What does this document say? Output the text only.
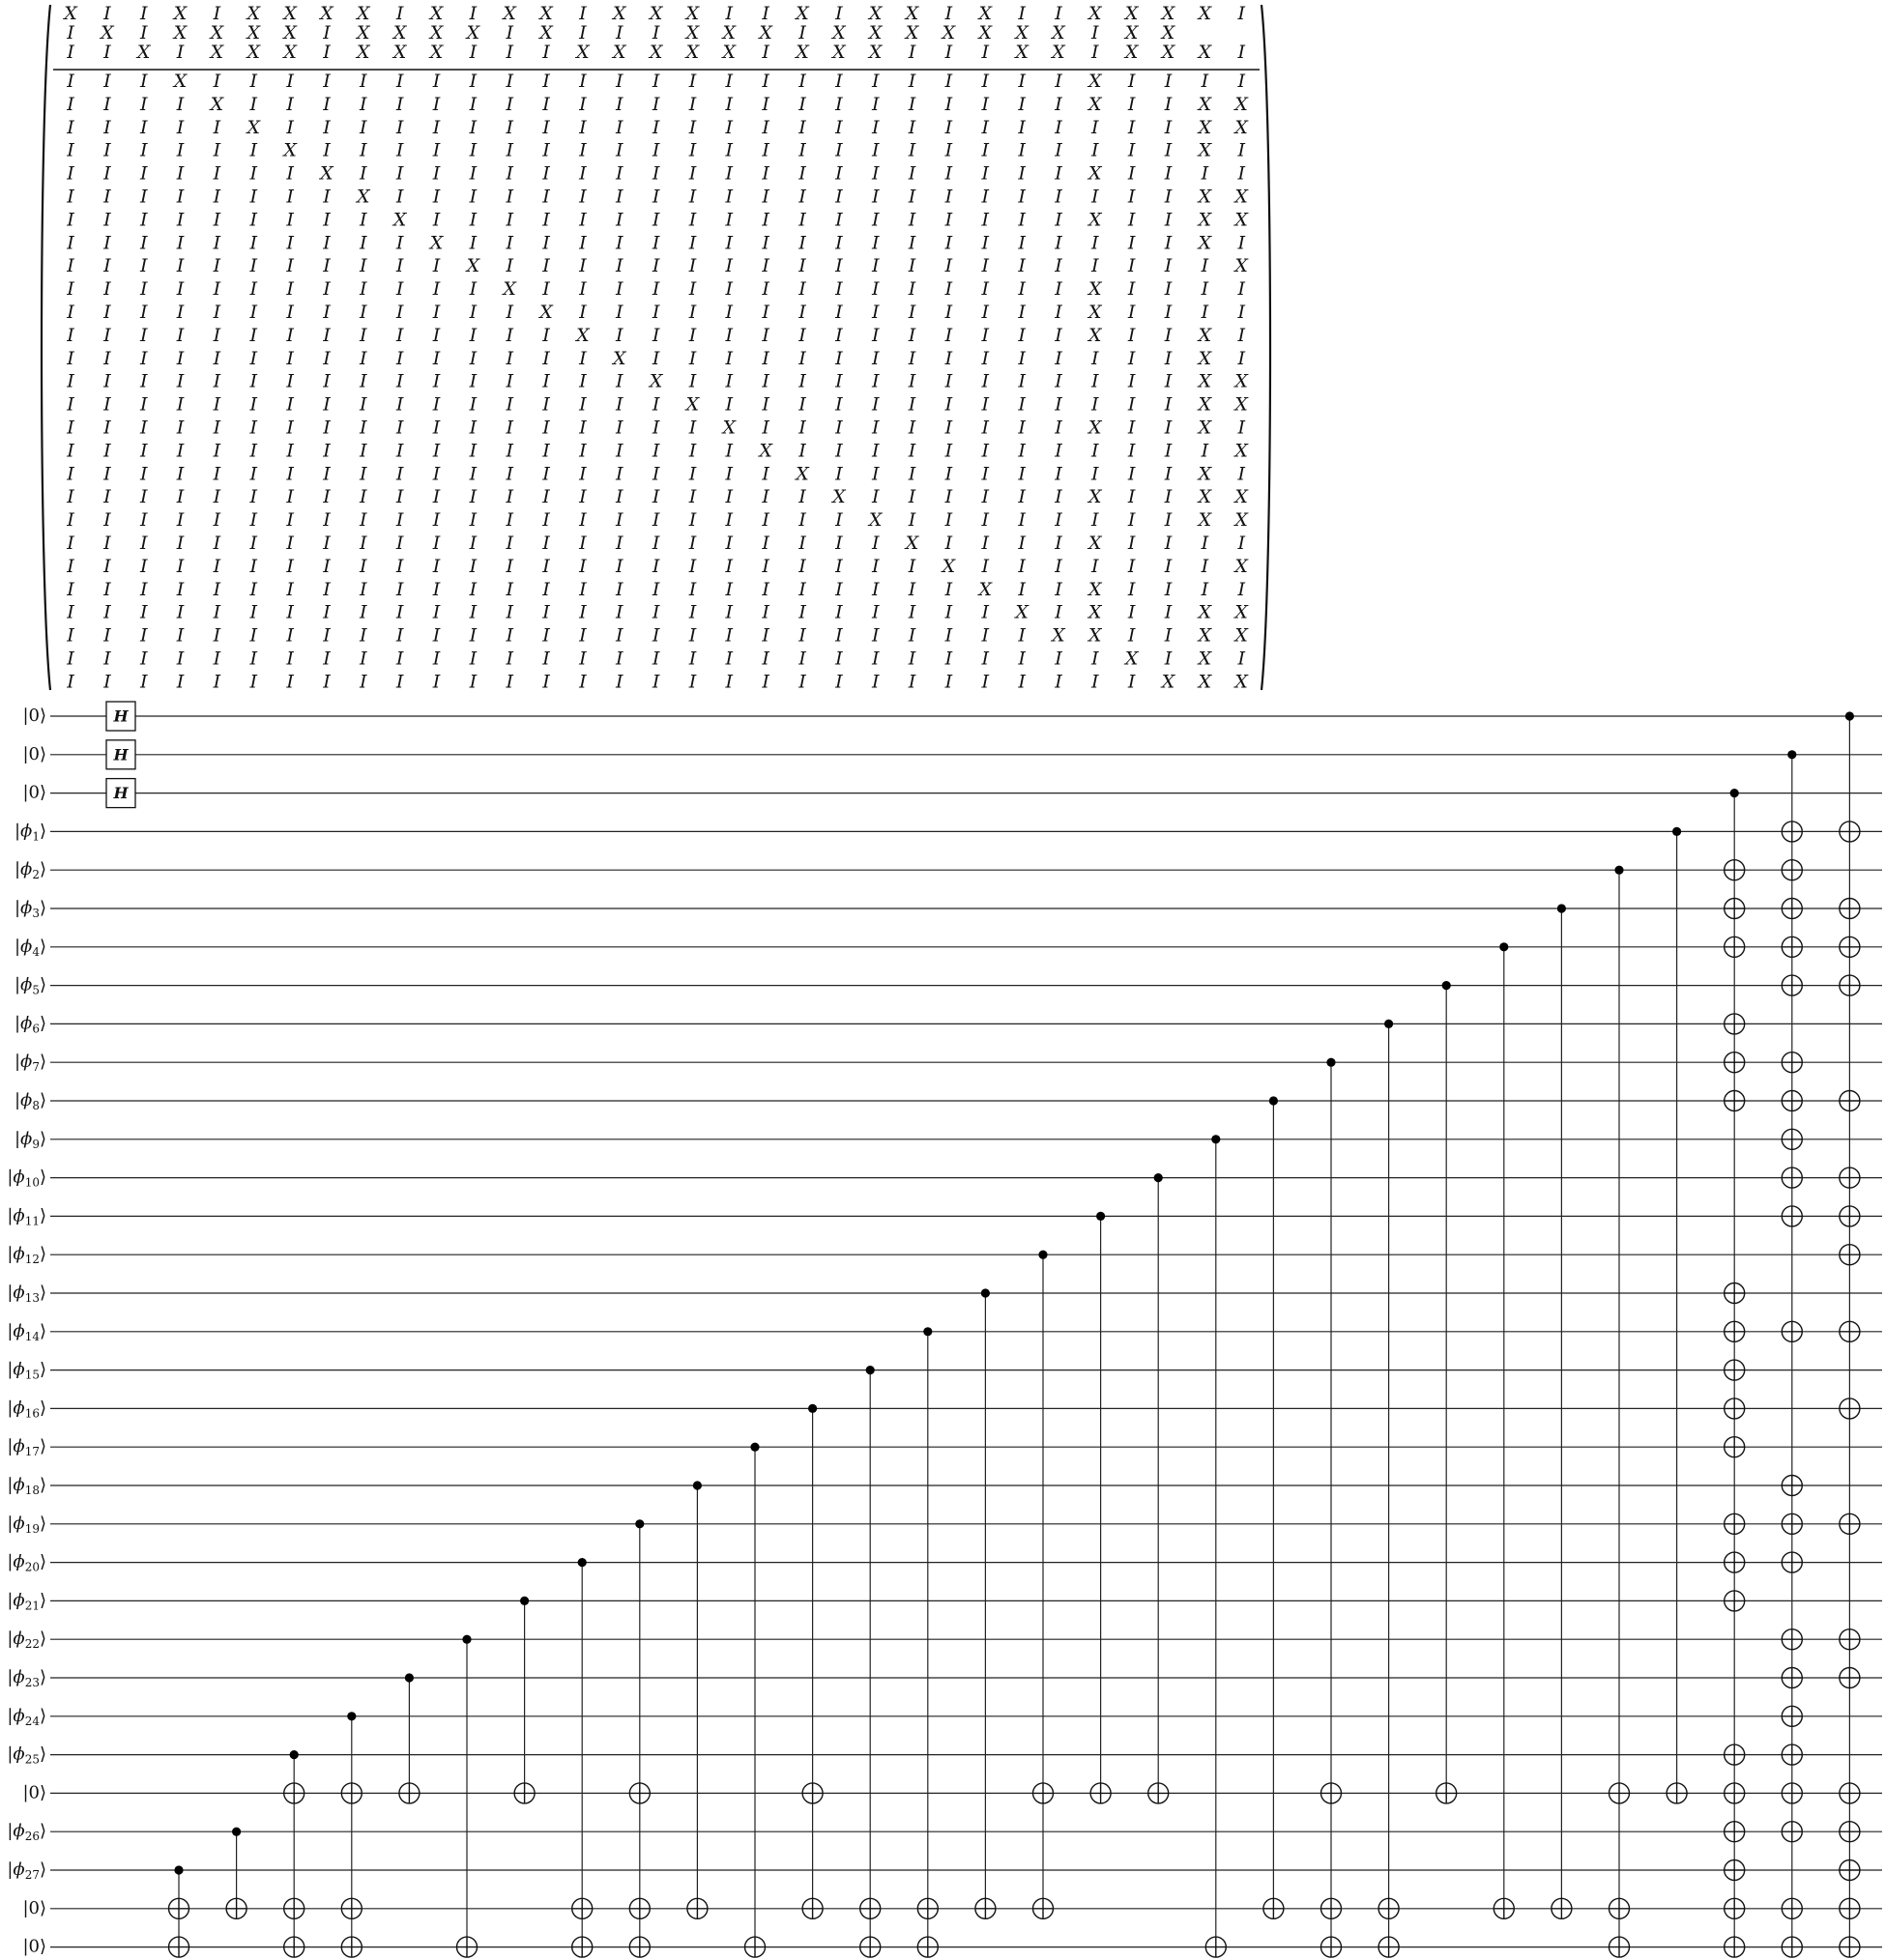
X I I X I X X X X I X I X X I X X X I I X I X X I X I I X X X X I
I X I X X X X I X X X X I X I I I X X X I X X X X X X X I X X
I I X I X X X I X X X I I I X X X X X I X X X I I I X X I X X X I
I I I X I I I I I I I I I I I I I I I I I I I I I I I I X I I I I
I I I I X I I I I I I I I I I I I I I I I I I I I I I I X I I X X
I I I I I X I I I I I I I I I I I I I I I I I I I I I I I I I X X
I I I I I I X I I I I I I I I I I I I I I I I I I I I I I I I X I
I I I I I I I X I I I I I I I I I I I I I I I I I I I I X I I I I
I I I I I I I I X I I I I I I I I I I I I I I I I I I I I I I X X
I I I I I I I I I X I I I I I I I I I I I I I I I I I I X I I X X
I I I I I I I I I I X I I I I I I I I I I I I I I I I I I I I X I
I I I I I I I I I I I X I I I I I I I I I I I I I I I I I I I I X
I I I I I I I I I I I I X I I I I I I I I I I I I I I I X I I I I
I I I I I I I I I I I I I X I I I I I I I I I I I I I I X I I I I
I I I I I I I I I I I I I I X I I I I I I I I I I I I I X I I X I
I I I I I I I I I I I I I I I X I I I I I I I I I I I I I I I X I
I I I I I I I I I I I I I I I I X I I I I I I I I I I I I I I X X
I I I I I I I I I I I I I I I I I X I I I I I I I I I I I I I X X
I I I I I I I I I I I I I I I I I I X I I I I I I I I I X I I X I
I I I I I I I I I I I I I I I I I I I X I I I I I I I I I I I I X
I I I I I I I I I I I I I I I I I I I I X I I I I I I I I I I X I
I I I I I I I I I I I I I I I I I I I I I X I I I I I I X I I X X
I I I I I I I I I I I I I I I I I I I I I I X I I I I I I I I X X
I I I I I I I I I I I I I I I I I I I I I I I X I I I I X I I I I
I I I I I I I I I I I I I I I I I I I I I I I I X I I I I I I I X
I I I I I I I I I I I I I I I I I I I I I I I I I X I I X I I I I
I I I I I I I I I I I I I I I I I I I I I I I I I I X I X I I X X
I I I I I I I I I I I I I I I I I I I I I I I I I I I X X I I X X
I I I I I I I I I I I I I I I I I I I I I I I I I I I I I X I X I
I I I I I I I I I I I I I I I I I I I I I I I I I I I I I I X X X
H
H
H
|0⟩
|0⟩
|0⟩
$|\phi_1⟩$
$|\phi_2⟩$
$|\phi_3⟩$
$|\phi_4⟩$
$|\phi_5⟩$
$|\phi_6⟩$
$|\phi_7⟩$
$|\phi_8⟩$
$|\phi_9⟩$
$|\phi_{10}⟩$
$|\phi_{11}⟩$
$|\phi_{12}⟩$
$|\phi_{13}⟩$
$|\phi_{14}⟩$
$|\phi_{15}⟩$
$|\phi_{16}⟩$
$|\phi_{17}⟩$
$|\phi_{18}⟩$
$|\phi_{19}⟩$
$|\phi_{20}⟩$
$|\phi_{21}⟩$
$|\phi_{22}⟩$
$|\phi_{23}⟩$
$|\phi_{24}⟩$
$|\phi_{25}⟩$
|0⟩
$|\phi_{26}⟩$
$|\phi_{27}⟩$
|0⟩
|0⟩
